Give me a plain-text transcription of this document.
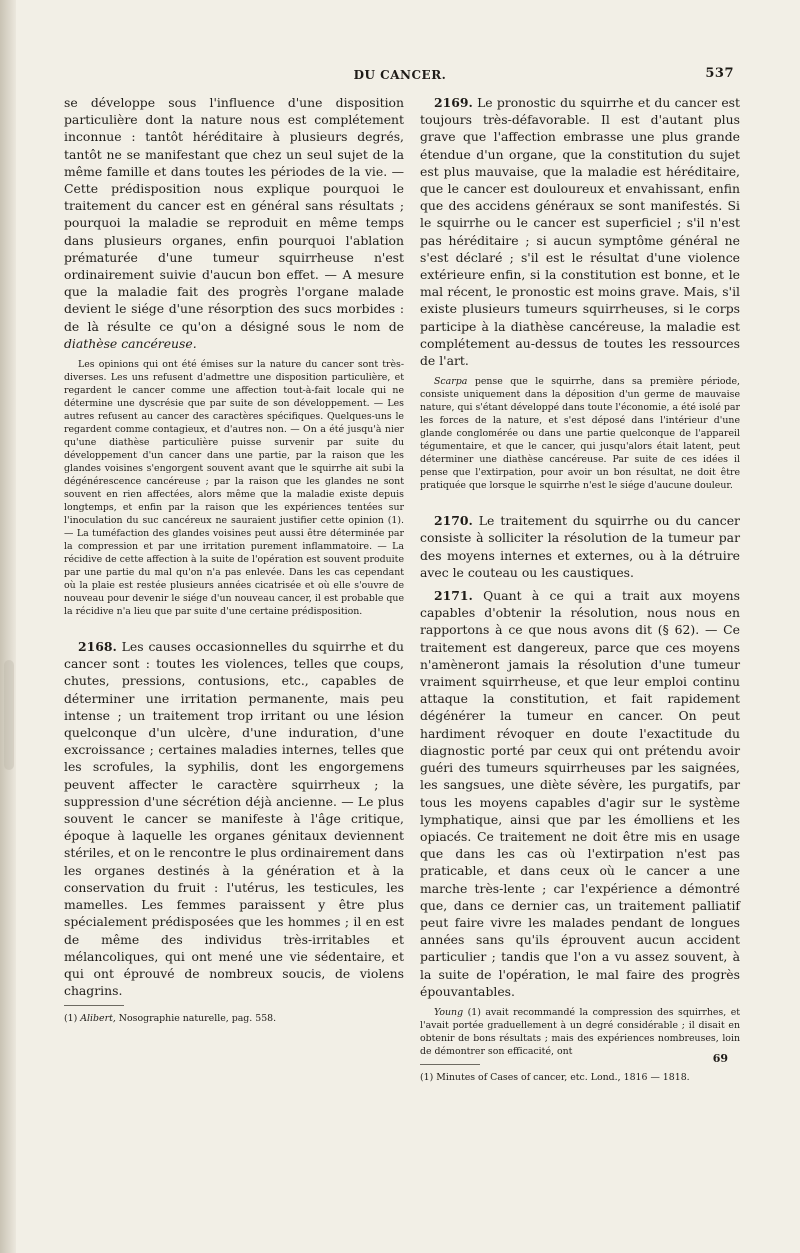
DU CANCER.	537

se développe sous l'influence d'une disposition particulière dont la nature nous est complétement inconnue : tantôt héréditaire à plusieurs degrés, tantôt ne se manifestant que chez un seul sujet de la même famille et dans toutes les périodes de la vie. — Cette prédisposition nous explique pourquoi le traitement du cancer est en général sans résultats ; pourquoi la maladie se reproduit en même temps dans plusieurs organes, enfin pourquoi l'ablation prématurée d'une tumeur squirrheuse n'est ordinairement suivie d'aucun bon effet. — A mesure que la maladie fait des progrès l'organe malade devient le siége d'une résorption des sucs morbides : de là résulte ce qu'on a désigné sous le nom de diathèse cancéreuse.

Les opinions qui ont été émises sur la nature du cancer sont très-diverses. Les uns refusent d'admettre une disposition particulière, et regardent le cancer comme une affection tout-à-fait locale qui ne détermine une dyscrésie que par suite de son développement. — Les autres refusent au cancer des caractères spécifiques. Quelques-uns le regardent comme contagieux, et d'autres non. — On a été jusqu'à nier qu'une diathèse particulière puisse survenir par suite du développement d'un cancer dans une partie, par la raison que les glandes voisines s'engorgent souvent avant que le squirrhe ait subi la dégénérescence cancéreuse ; par la raison que les glandes ne sont souvent en rien affectées, alors même que la maladie existe depuis longtemps, et enfin par la raison que les expériences tentées sur l'inoculation du suc cancéreux ne sauraient justifier cette opinion (1). — La tuméfaction des glandes voisines peut aussi être déterminée par la compression et par une irritation purement inflammatoire. — La récidive de cette affection à la suite de l'opération est souvent produite par une partie du mal qu'on n'a pas enlevée. Dans les cas cependant où la plaie est restée plusieurs années cicatrisée et où elle s'ouvre de nouveau pour devenir le siége d'un nouveau cancer, il est probable que la récidive n'a lieu que par suite d'une certaine prédisposition.

2168. Les causes occasionnelles du squirrhe et du cancer sont : toutes les violences, telles que coups, chutes, pressions, contusions, etc., capables de déterminer une irritation permanente, mais peu intense ; un traitement trop irritant ou une lésion quelconque d'un ulcère, d'une induration, d'une excroissance ; certaines maladies internes, telles que les scrofules, la syphilis, dont les engorgemens peuvent affecter le caractère squirrheux ; la suppression d'une sécrétion déjà ancienne. — Le plus souvent le cancer se manifeste à l'âge critique, époque à laquelle les organes génitaux deviennent stériles, et on le rencontre le plus ordinairement dans les organes destinés à la génération et à la conservation du fruit : l'utérus, les testicules, les mamelles. Les femmes paraissent y être plus spécialement prédisposées que les hommes ; il en est de même des individus très-irritables et mélancoliques, qui ont mené une vie sédentaire, et qui ont éprouvé de nombreux soucis, de violens chagrins.

(1) Alibert, Nosographie naturelle, pag. 558.

2169. Le pronostic du squirrhe et du cancer est toujours très-défavorable. Il est d'autant plus grave que l'affection embrasse une plus grande étendue d'un organe, que la constitution du sujet est plus mauvaise, que la maladie est héréditaire, que le cancer est douloureux et envahissant, enfin que des accidens généraux se sont manifestés. Si le squirrhe ou le cancer est superficiel ; s'il n'est pas héréditaire ; si aucun symptôme général ne s'est déclaré ; s'il est le résultat d'une violence extérieure enfin, si la constitution est bonne, et le mal récent, le pronostic est moins grave. Mais, s'il existe plusieurs tumeurs squirrheuses, si le corps participe à la diathèse cancéreuse, la maladie est complétement au-dessus de toutes les ressources de l'art.

Scarpa pense que le squirrhe, dans sa première période, consiste uniquement dans la déposition d'un germe de mauvaise nature, qui s'étant développé dans toute l'économie, a été isolé par les forces de la nature, et s'est déposé dans l'intérieur d'une glande conglomérée ou dans une partie quelconque de l'appareil tégumentaire, et que le cancer, qui jusqu'alors était latent, peut déterminer une diathèse cancéreuse. Par suite de ces idées il pense que l'extirpation, pour avoir un bon résultat, ne doit être pratiquée que lorsque le squirrhe n'est le siége d'aucune douleur.

2170. Le traitement du squirrhe ou du cancer consiste à solliciter la résolution de la tumeur par des moyens internes et externes, ou à la détruire avec le couteau ou les caustiques.

2171. Quant à ce qui a trait aux moyens capables d'obtenir la résolution, nous nous en rapportons à ce que nous avons dit (§ 62). — Ce traitement est dangereux, parce que ces moyens n'amèneront jamais la résolution d'une tumeur vraiment squirrheuse, et que leur emploi continu attaque la constitution, et fait rapidement dégénérer la tumeur en cancer. On peut hardiment révoquer en doute l'exactitude du diagnostic porté par ceux qui ont prétendu avoir guéri des tumeurs squirrheuses par les saignées, les sangsues, une diète sévère, les purgatifs, par tous les moyens capables d'agir sur le système lymphatique, ainsi que par les émolliens et les opiacés. Ce traitement ne doit être mis en usage que dans les cas où l'extirpation n'est pas praticable, et dans ceux où le cancer a une marche très-lente ; car l'expérience a démontré que, dans ce dernier cas, un traitement palliatif peut faire vivre les malades pendant de longues années sans qu'ils éprouvent aucun accident particulier ; tandis que l'on a vu assez souvent, à la suite de l'opération, le mal faire des progrès épouvantables.

Young (1) avait recommandé la compression des squirrhes, et l'avait portée graduellement à un degré considérable ; il disait en obtenir de bons résultats ; mais des expériences nombreuses, loin de démontrer son efficacité, ont

(1) Minutes of Cases of cancer, etc. Lond., 1816 — 1818.

69
